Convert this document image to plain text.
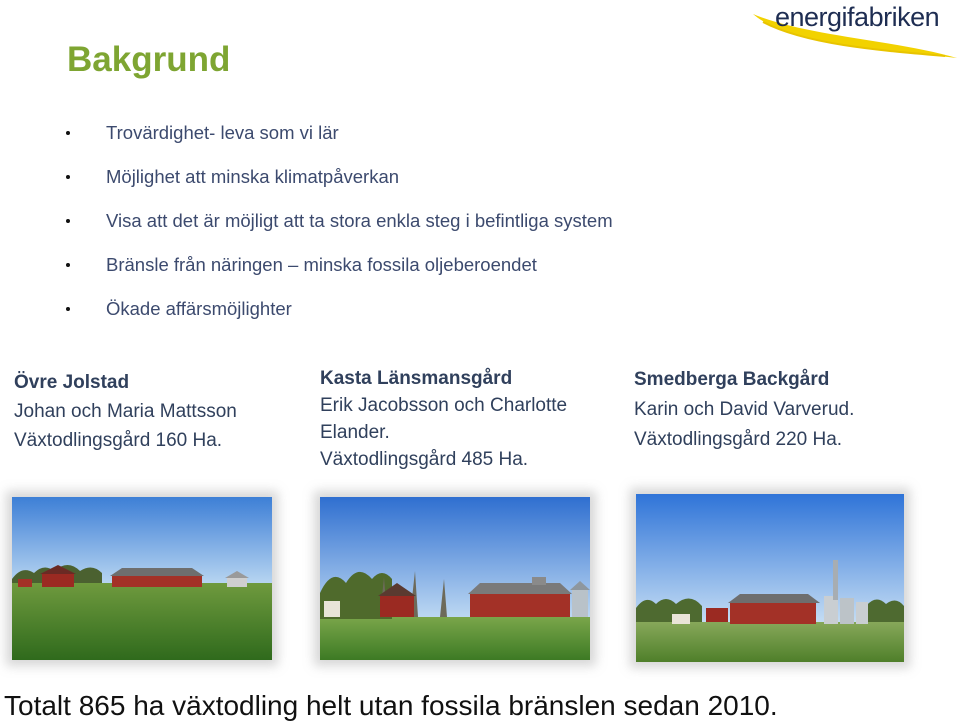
energifabriken
Bakgrund
Trovärdighet- leva som vi lär
Möjlighet att minska klimatpåverkan
Visa att det är möjligt att ta stora enkla steg i befintliga system
Bränsle från näringen – minska fossila oljeberoendet
Ökade affärsmöjlighter
Övre Jolstad
Johan och Maria Mattsson
Växtodlingsgård 160 Ha.
Kasta Länsmansgård
Erik Jacobsson och Charlotte
Elander.
Växtodlingsgård 485 Ha.
Smedberga Backgård
Karin och David Varverud.
Växtodlingsgård 220 Ha.

Totalt 865 ha växtodling helt utan fossila bränslen sedan 2010.
